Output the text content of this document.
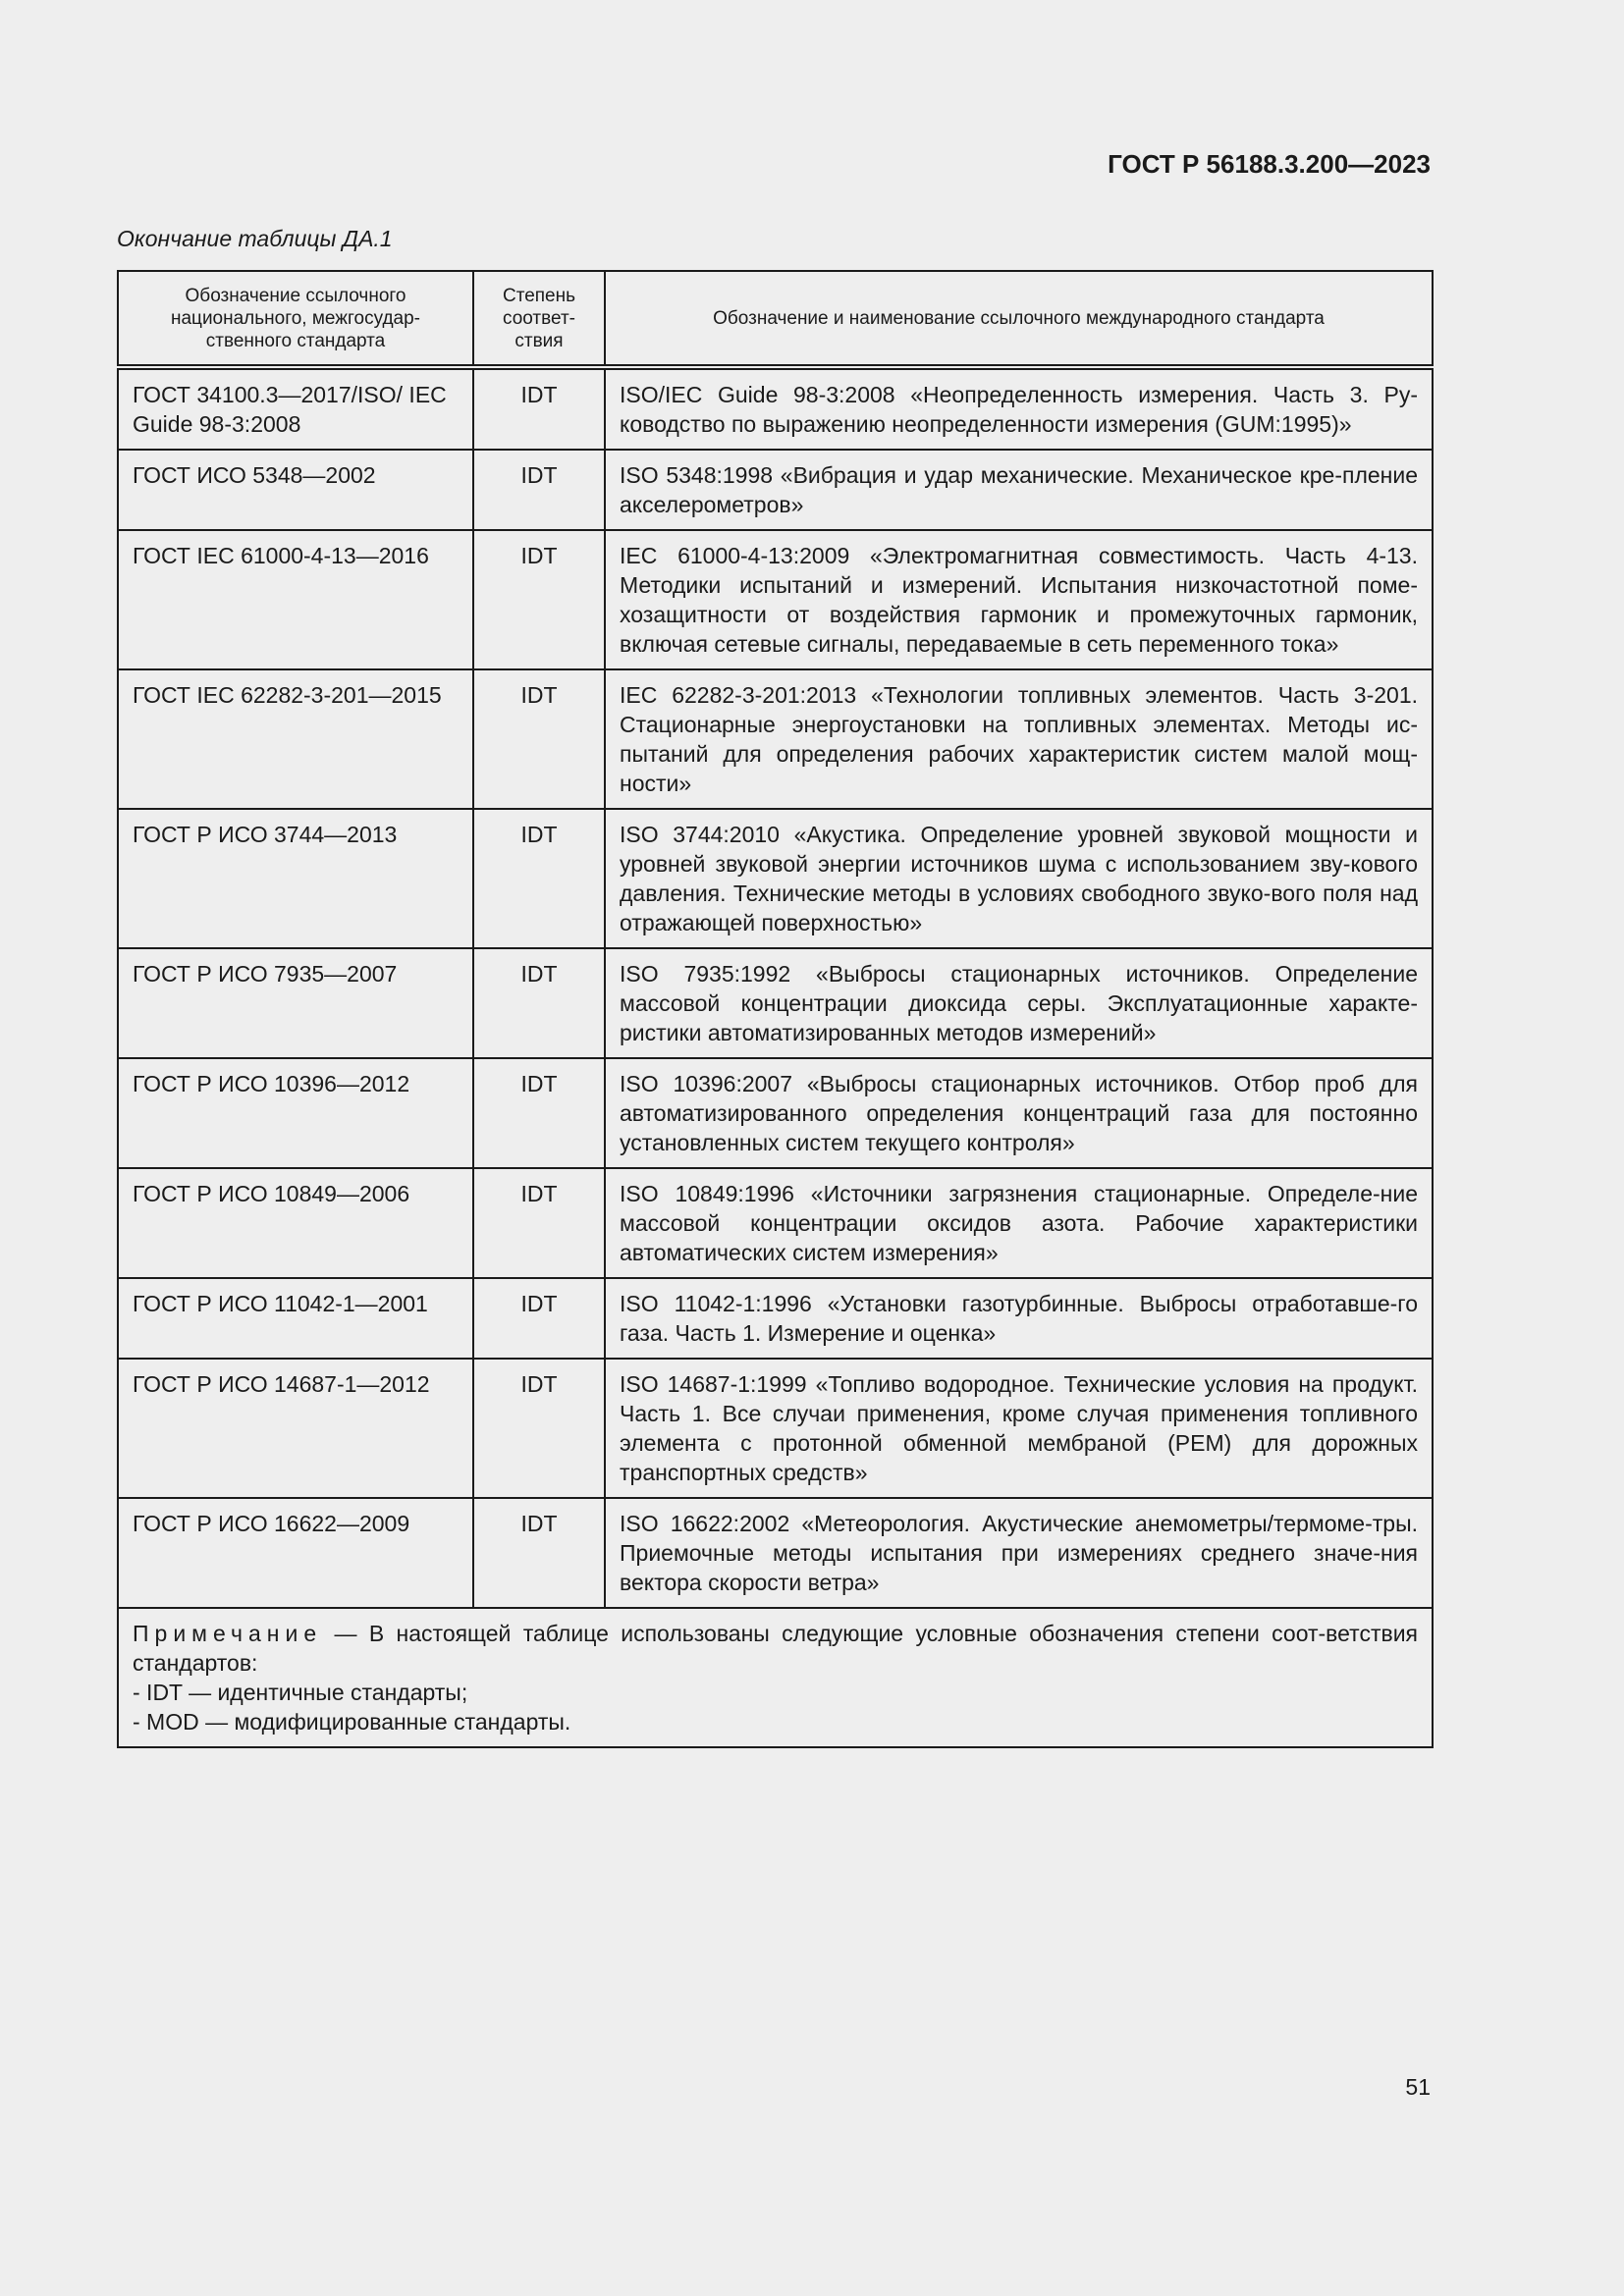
ГОСТ Р 56188.3.200—2023
Окончание таблицы ДА.1
Обозначение ссылочного национального, межгосудар-ственного стандарта	Степень соответ-ствия	Обозначение и наименование ссылочного международного стандарта
ГОСТ 34100.3—2017/ISO/ IEC Guide 98-3:2008	IDT	ISO/IEC Guide 98-3:2008 «Неопределенность измерения. Часть 3. Ру-ководство по выражению неопределенности измерения (GUM:1995)»
ГОСТ ИСО 5348—2002	IDT	ISO 5348:1998 «Вибрация и удар механические. Механическое кре-пление акселерометров»
ГОСТ IEC 61000-4-13—2016	IDT	IEC 61000-4-13:2009 «Электромагнитная совместимость. Часть 4-13. Методики испытаний и измерений. Испытания низкочастотной поме-хозащитности от воздействия гармоник и промежуточных гармоник, включая сетевые сигналы, передаваемые в сеть переменного тока»
ГОСТ IEC 62282-3-201—2015	IDT	IEC 62282-3-201:2013 «Технологии топливных элементов. Часть 3-201. Стационарные энергоустановки на топливных элементах. Методы ис-пытаний для определения рабочих характеристик систем малой мощ-ности»
ГОСТ Р ИСО 3744—2013	IDT	ISO 3744:2010 «Акустика. Определение уровней звуковой мощности и уровней звуковой энергии источников шума с использованием зву-кового давления. Технические методы в условиях свободного звуко-вого поля над отражающей поверхностью»
ГОСТ Р ИСО 7935—2007	IDT	ISO 7935:1992 «Выбросы стационарных источников. Определение массовой концентрации диоксида серы. Эксплуатационные характе-ристики автоматизированных методов измерений»
ГОСТ Р ИСО 10396—2012	IDT	ISO 10396:2007 «Выбросы стационарных источников. Отбор проб для автоматизированного определения концентраций газа для постоянно установленных систем текущего контроля»
ГОСТ Р ИСО 10849—2006	IDT	ISO 10849:1996 «Источники загрязнения стационарные. Определе-ние массовой концентрации оксидов азота. Рабочие характеристики автоматических систем измерения»
ГОСТ Р ИСО 11042-1—2001	IDT	ISO 11042-1:1996 «Установки газотурбинные. Выбросы отработавше-го газа. Часть 1. Измерение и оценка»
ГОСТ Р ИСО 14687-1—2012	IDT	ISO 14687-1:1999 «Топливо водородное. Технические условия на продукт. Часть 1. Все случаи применения, кроме случая применения топливного элемента с протонной обменной мембраной (PEM) для дорожных транспортных средств»
ГОСТ Р ИСО 16622—2009	IDT	ISO 16622:2002 «Метеорология. Акустические анемометры/термоме-тры. Приемочные методы испытания при измерениях среднего значе-ния вектора скорости ветра»

Примечание — В настоящей таблице использованы следующие условные обозначения степени соот-ветствия стандартов:
- IDT — идентичные стандарты;
- MOD — модифицированные стандарты.		
51
